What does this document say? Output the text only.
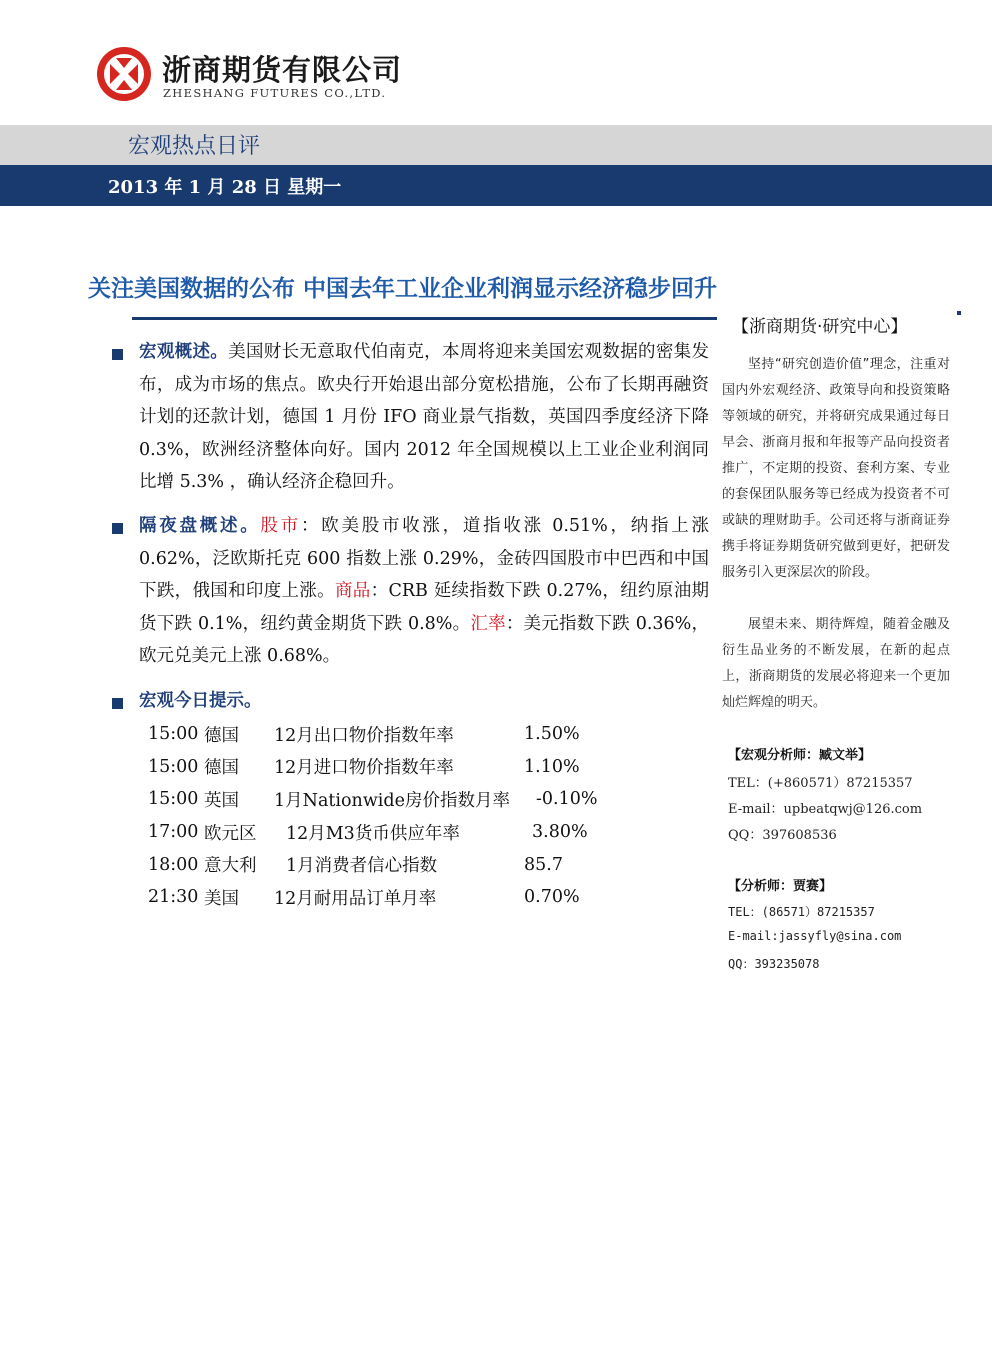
浙商期货有限公司
ZHESHANG FUTURES CO.,LTD.
宏观热点日评
2013 年 1 月 28 日 星期一
关注美国数据的公布 中国去年工业企业利润显示经济稳步回升

宏观概述。美国财长无意取代伯南克，本周将迎来美国宏观数据的密集发布，成为市场的焦点。欧央行开始退出部分宽松措施，公布了长期再融资计划的还款计划，德国 1 月份 IFO 商业景气指数，英国四季度经济下降 0.3%，欧洲经济整体向好。国内 2012 年全国规模以上工业企业利润同比增 5.3% ，确认经济企稳回升。

隔夜盘概述。股市：欧美股市收涨，道指收涨 0.51%，纳指上涨 0.62%，泛欧斯托克 600 指数上涨 0.29%，金砖四国股市中巴西和中国下跌，俄国和印度上涨。商品：CRB 延续指数下跌 0.27%，纽约原油期货下跌 0.1%，纽约黄金期货下跌 0.8%。汇率：美元指数下跌 0.36%，欧元兑美元上涨 0.68%。

宏观今日提示。

15:00	德国	12月出口物价指数年率	1.50%
15:00	德国	12月进口物价指数年率	1.10%
15:00	英国	1月Nationwide房价指数月率	-0.10%
17:00	欧元区	12月M3货币供应年率	3.80%
18:00	意大利	1月消费者信心指数	85.7
21:30	美国	12月耐用品订单月率	0.70%
【浙商期货·研究中心】

坚持“研究创造价值”理念，注重对国内外宏观经济、政策导向和投资策略等领域的研究，并将研究成果通过每日早会、浙商月报和年报等产品向投资者推广，不定期的投资、套利方案、专业的套保团队服务等已经成为投资者不可或缺的理财助手。公司还将与浙商证券携手将证券期货研究做到更好，把研发服务引入更深层次的阶段。

展望未来、期待辉煌，随着金融及衍生品业务的不断发展，在新的起点上，浙商期货的发展必将迎来一个更加灿烂辉煌的明天。

【宏观分析师：臧文举】
TEL：(+860571）87215357
E-mail：upbeatqwj@126.com
QQ：397608536
【分析师：贾赛】
TEL：(86571）87215357
E-mail:jassyfly@sina.com
QQ：393235078
